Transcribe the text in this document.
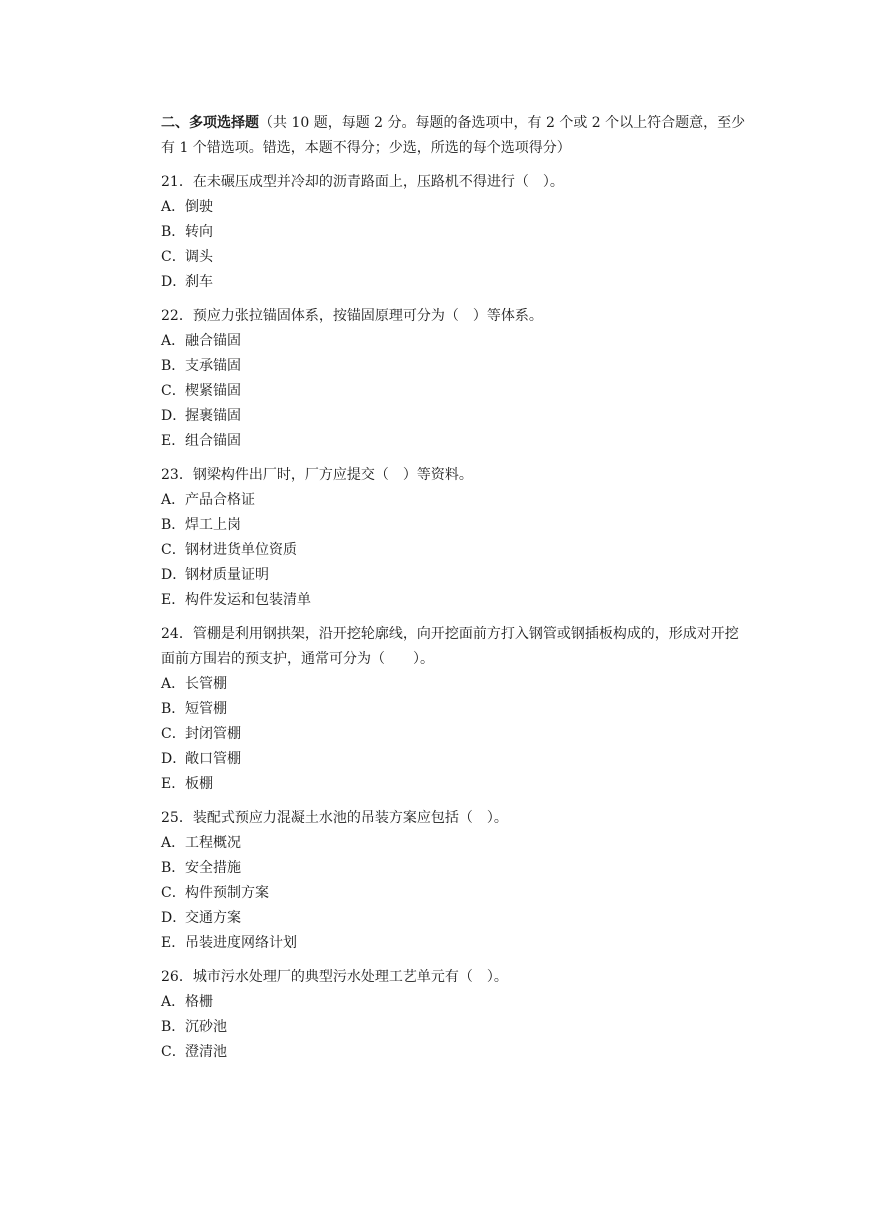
二、多项选择题（共 10 题，每题 2 分。每题的备选项中，有 2 个或 2 个以上符合题意，至少有 1 个错选项。错选，本题不得分；少选，所选的每个选项得分）

21．在未碾压成型并冷却的沥青路面上，压路机不得进行（　）。
A．倒驶
B．转向
C．调头
D．刹车
22．预应力张拉锚固体系，按锚固原理可分为（　）等体系。
A．融合锚固
B．支承锚固
C．楔紧锚固
D．握裹锚固
E．组合锚固
23．钢梁构件出厂时，厂方应提交（　）等资料。
A．产品合格证
B．焊工上岗
C．钢材进货单位资质
D．钢材质量证明
E．构件发运和包装清单
24．管棚是利用钢拱架，沿开挖轮廓线，向开挖面前方打入钢管或钢插板构成的，形成对开挖面前方围岩的预支护，通常可分为（　　）。
A．长管棚
B．短管棚
C．封闭管棚
D．敞口管棚
E．板棚
25．装配式预应力混凝土水池的吊装方案应包括（　）。
A．工程概况
B．安全措施
C．构件预制方案
D．交通方案
E．吊装进度网络计划
26．城市污水处理厂的典型污水处理工艺单元有（　）。
A．格栅
B．沉砂池
C．澄清池
